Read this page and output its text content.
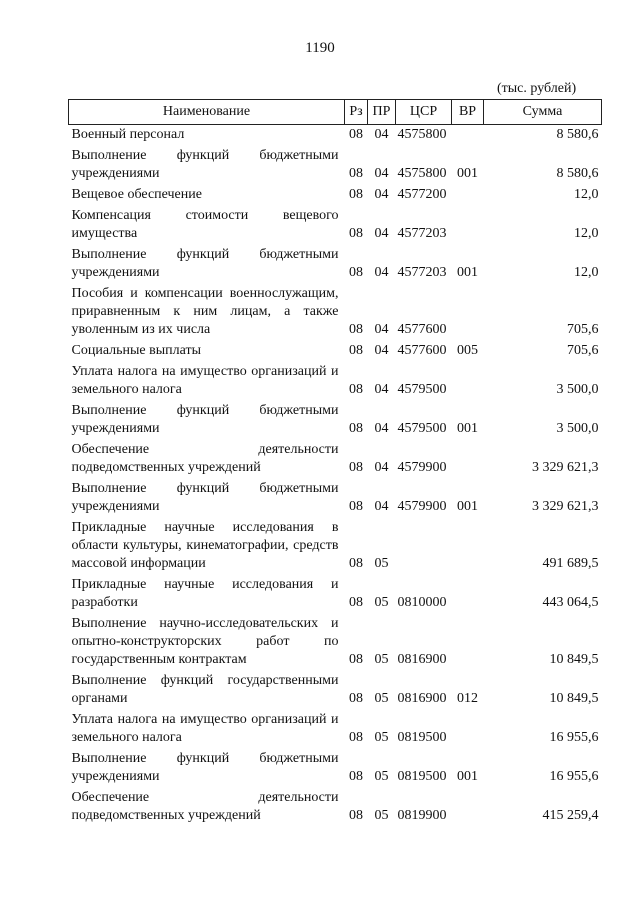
1190
(тыс. рублей)
Наименование	Рз	ПР	ЦСР	ВР	Сумма
Военный персонал	08	04	4575800		8 580,6
Выполнение функций бюджетными учреждениями	08	04	4575800	001	8 580,6
Вещевое обеспечение	08	04	4577200		12,0
Компенсация стоимости вещевого имущества	08	04	4577203		12,0
Выполнение функций бюджетными учреждениями	08	04	4577203	001	12,0
Пособия и компенсации военнослужащим, приравненным к ним лицам, а также уволенным из их числа	08	04	4577600		705,6
Социальные выплаты	08	04	4577600	005	705,6
Уплата налога на имущество организаций и земельного налога	08	04	4579500		3 500,0
Выполнение функций бюджетными учреждениями	08	04	4579500	001	3 500,0
Обеспечение деятельности подведомственных учреждений	08	04	4579900		3 329 621,3
Выполнение функций бюджетными учреждениями	08	04	4579900	001	3 329 621,3
Прикладные научные исследования в области культуры, кинематографии, средств массовой информации	08	05			491 689,5
Прикладные научные исследования и разработки	08	05	0810000		443 064,5
Выполнение научно-исследовательских и опытно-конструкторских работ по государственным контрактам	08	05	0816900		10 849,5
Выполнение функций государственными органами	08	05	0816900	012	10 849,5
Уплата налога на имущество организаций и земельного налога	08	05	0819500		16 955,6
Выполнение функций бюджетными учреждениями	08	05	0819500	001	16 955,6
Обеспечение деятельности подведомственных учреждений	08	05	0819900		415 259,4
